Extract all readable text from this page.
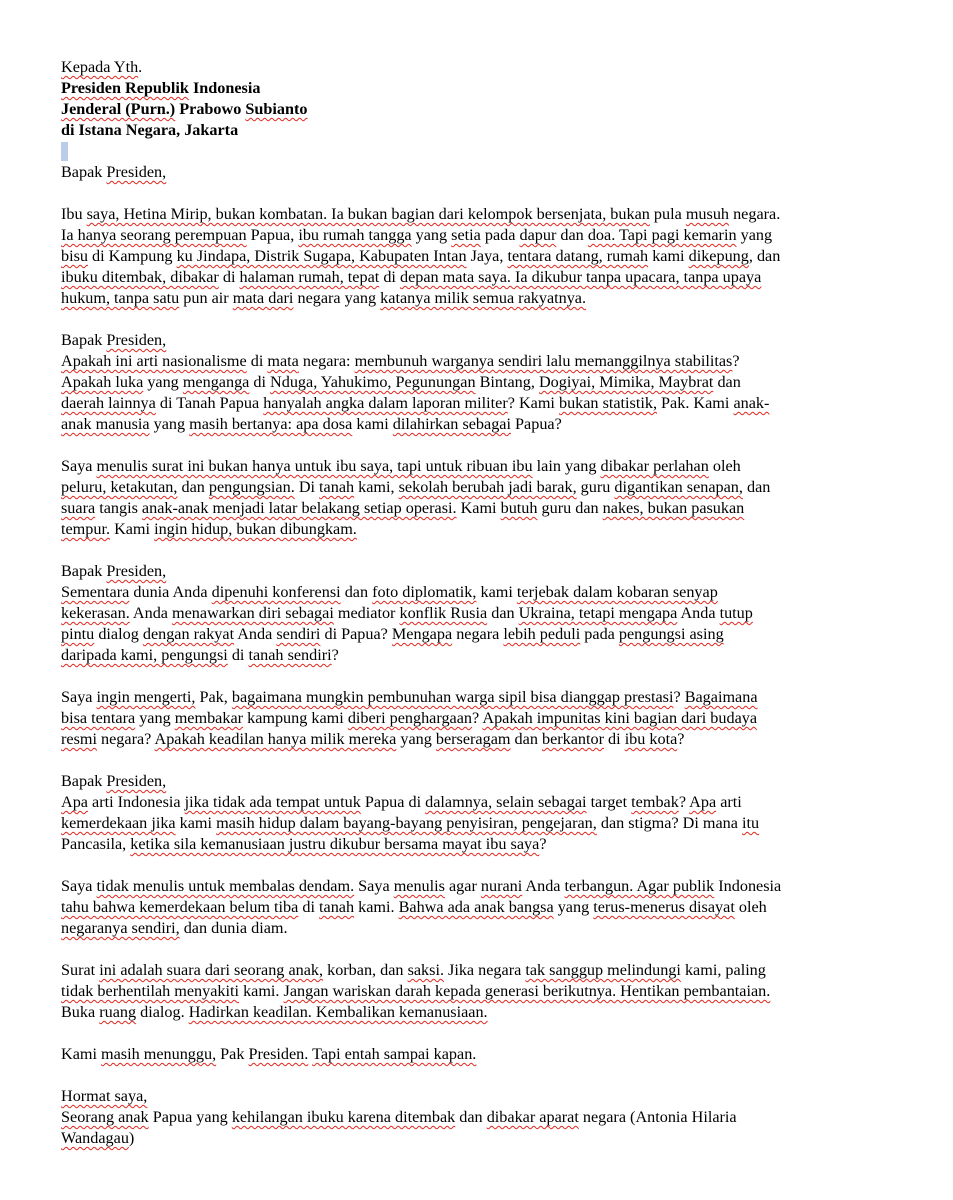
Kepada Yth.
Presiden Republik Indonesia
Jenderal (Purn.) Prabowo Subianto
di Istana Negara, Jakarta
Bapak Presiden,
Ibu saya, Hetina Mirip, bukan kombatan. Ia bukan bagian dari kelompok bersenjata, bukan pula musuh negara.
Ia hanya seorang perempuan Papua, ibu rumah tangga yang setia pada dapur dan doa. Tapi pagi kemarin yang
bisu di Kampung ku Jindapa, Distrik Sugapa, Kabupaten Intan Jaya, tentara datang, rumah kami dikepung, dan
ibuku ditembak, dibakar di halaman rumah, tepat di depan mata saya. Ia dikubur tanpa upacara, tanpa upaya
hukum, tanpa satu pun air mata dari negara yang katanya milik semua rakyatnya.
Bapak Presiden,
Apakah ini arti nasionalisme di mata negara: membunuh warganya sendiri lalu memanggilnya stabilitas?
Apakah luka yang menganga di Nduga, Yahukimo, Pegunungan Bintang, Dogiyai, Mimika, Maybrat dan
daerah lainnya di Tanah Papua hanyalah angka dalam laporan militer? Kami bukan statistik, Pak. Kami anak-
anak manusia yang masih bertanya: apa dosa kami dilahirkan sebagai Papua?
Saya menulis surat ini bukan hanya untuk ibu saya, tapi untuk ribuan ibu lain yang dibakar perlahan oleh
peluru, ketakutan, dan pengungsian. Di tanah kami, sekolah berubah jadi barak, guru digantikan senapan, dan
suara tangis anak-anak menjadi latar belakang setiap operasi. Kami butuh guru dan nakes, bukan pasukan
tempur. Kami ingin hidup, bukan dibungkam.
Bapak Presiden,
Sementara dunia Anda dipenuhi konferensi dan foto diplomatik, kami terjebak dalam kobaran senyap
kekerasan. Anda menawarkan diri sebagai mediator konflik Rusia dan Ukraina, tetapi mengapa Anda tutup
pintu dialog dengan rakyat Anda sendiri di Papua? Mengapa negara lebih peduli pada pengungsi asing
daripada kami, pengungsi di tanah sendiri?
Saya ingin mengerti, Pak, bagaimana mungkin pembunuhan warga sipil bisa dianggap prestasi? Bagaimana
bisa tentara yang membakar kampung kami diberi penghargaan? Apakah impunitas kini bagian dari budaya
resmi negara? Apakah keadilan hanya milik mereka yang berseragam dan berkantor di ibu kota?
Bapak Presiden,
Apa arti Indonesia jika tidak ada tempat untuk Papua di dalamnya, selain sebagai target tembak? Apa arti
kemerdekaan jika kami masih hidup dalam bayang-bayang penyisiran, pengejaran, dan stigma? Di mana itu
Pancasila, ketika sila kemanusiaan justru dikubur bersama mayat ibu saya?
Saya tidak menulis untuk membalas dendam. Saya menulis agar nurani Anda terbangun. Agar publik Indonesia
tahu bahwa kemerdekaan belum tiba di tanah kami. Bahwa ada anak bangsa yang terus-menerus disayat oleh
negaranya sendiri, dan dunia diam.
Surat ini adalah suara dari seorang anak, korban, dan saksi. Jika negara tak sanggup melindungi kami, paling
tidak berhentilah menyakiti kami. Jangan wariskan darah kepada generasi berikutnya. Hentikan pembantaian.
Buka ruang dialog. Hadirkan keadilan. Kembalikan kemanusiaan.
Kami masih menunggu, Pak Presiden. Tapi entah sampai kapan.
Hormat saya,
Seorang anak Papua yang kehilangan ibuku karena ditembak dan dibakar aparat negara (Antonia Hilaria
Wandagau)
